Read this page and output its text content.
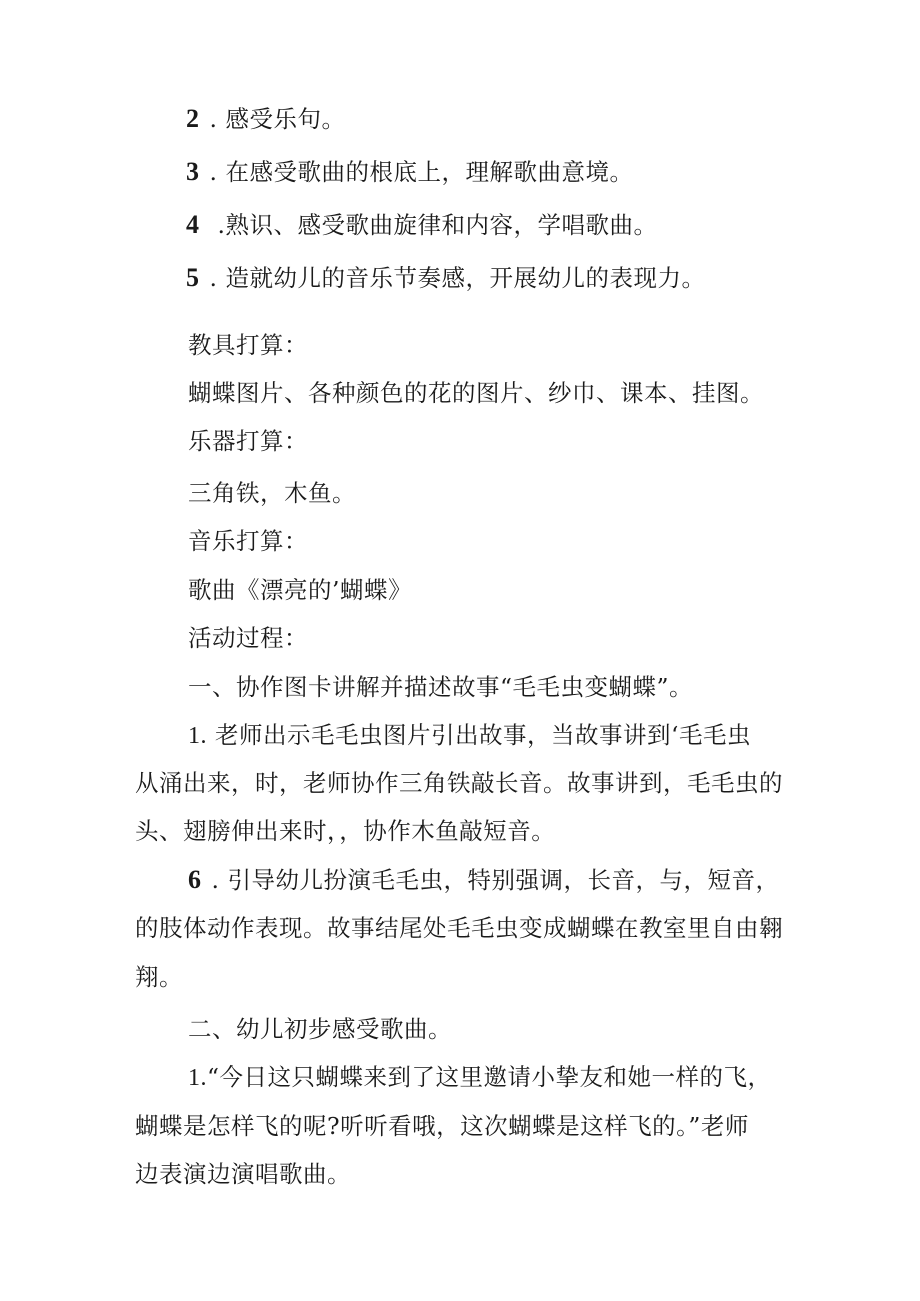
2 . 感受乐句。
3 . 在感受歌曲的根底上，理解歌曲意境。
4 .熟识、感受歌曲旋律和内容，学唱歌曲。
5 . 造就幼儿的音乐节奏感，开展幼儿的表现力。
教具打算：
蝴蝶图片、各种颜色的花的图片、纱巾、课本、挂图。
乐器打算：
三角铁，木鱼。
音乐打算：
歌曲《漂亮的’蝴蝶》
活动过程：
一、协作图卡讲解并描述故事“毛毛虫变蝴蝶”。
1. 老师出示毛毛虫图片引出故事，当故事讲到‘毛毛虫
从涌出来，时，老师协作三角铁敲长音。故事讲到，毛毛虫的
头、翅膀伸出来时，，协作木鱼敲短音。
6 . 引导幼儿扮演毛毛虫，特别强调，长音，与，短音，
的肢体动作表现。故事结尾处毛毛虫变成蝴蝶在教室里自由翱
翔。
二、幼儿初步感受歌曲。
1.“今日这只蝴蝶来到了这里邀请小挚友和她一样的飞，
蝴蝶是怎样飞的呢?听听看哦，这次蝴蝶是这样飞的。”老师
边表演边演唱歌曲。
